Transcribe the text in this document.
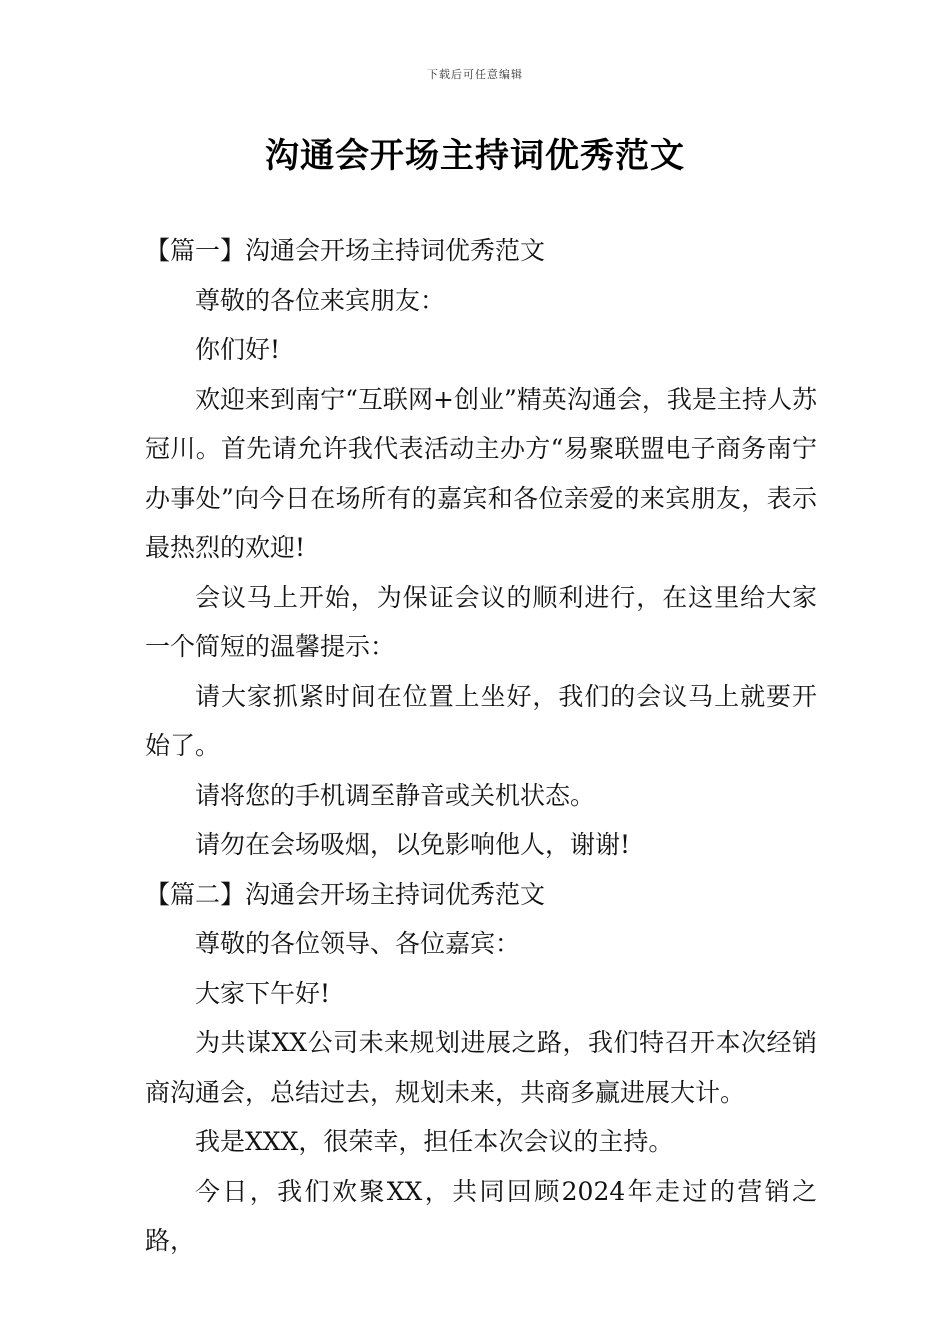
下载后可任意编辑
沟通会开场主持词优秀范文

【篇一】沟通会开场主持词优秀范文

尊敬的各位来宾朋友：

你们好!

欢迎来到南宁“互联网+创业”精英沟通会，我是主持人苏冠川。首先请允许我代表活动主办方“易聚联盟电子商务南宁办事处”向今日在场所有的嘉宾和各位亲爱的来宾朋友，表示最热烈的欢迎!

会议马上开始，为保证会议的顺利进行，在这里给大家一个简短的温馨提示：

请大家抓紧时间在位置上坐好，我们的会议马上就要开始了。

请将您的手机调至静音或关机状态。

请勿在会场吸烟，以免影响他人，谢谢!

【篇二】沟通会开场主持词优秀范文

尊敬的各位领导、各位嘉宾：

大家下午好!

为共谋XX公司未来规划进展之路，我们特召开本次经销商沟通会，总结过去，规划未来，共商多赢进展大计。

我是XXX，很荣幸，担任本次会议的主持。

今日，我们欢聚XX，共同回顾2024年走过的营销之路，
